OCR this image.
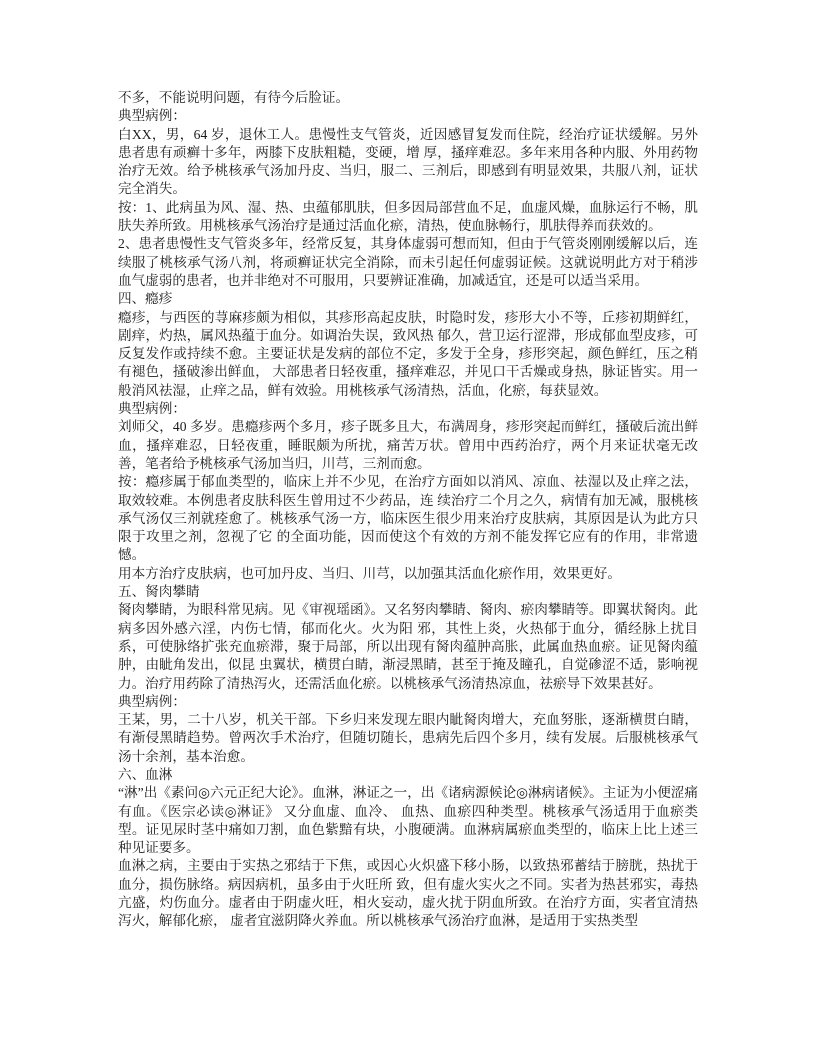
不多，不能说明问题，有待今后脸证。
典型病例：
白XX，男，64 岁，退休工人。患慢性支气管炎，近因感冒复发而住院，经治疗证状缓解。另外患者患有顽癣十多年，两膝下皮肤粗糙，变硬，增 厚，搔痒难忍。多年来用各种内服、外用药物治疗无效。给予桃核承气汤加丹皮、当归，服二、三剂后，即感到有明显效果，共服八剂，证状完全消失。
按：1、此病虽为风、湿、热、虫蕴郁肌肤，但多因局部营血不足，血虚风燥，血脉运行不畅，肌肤失养所致。用桃核承气汤治疗是通过活血化瘀，清热，使血脉畅行，肌肤得养而获效的。
2、患者患慢性支气管炎多年，经常反复，其身体虚弱可想而知，但由于气管炎刚刚缓解以后，连续服了桃核承气汤八剂，将顽癣证状完全消除，而未引起任何虚弱证候。这就说明此方对于稍涉血气虚弱的患者，也并非绝对不可服用，只要辨证准确，加减适宜，还是可以适当采用。
四、瘾疹
瘾疹，与西医的荨麻疹颇为相似，其疹形高起皮肤，时隐时发，疹形大小不等，丘疹初期鲜红，剧痒，灼热，属风热蕴于血分。如调治失误，致风热 郁久，营卫运行涩滞，形成郁血型皮疹，可反复发作或持续不愈。主要证状是发病的部位不定，多发于全身，疹形突起，颜色鲜红，压之稍有褪色，搔破渗出鲜血， 大部患者日轻夜重，搔痒难忍，并见口干舌燥或身热，脉证皆实。用一般消风祛湿，止痒之品，鲜有效验。用桃核承气汤清热，活血，化瘀，每获显效。
典型病例：
刘师父，40 多岁。患瘾疹两个多月，疹子既多且大，布满周身，疹形突起而鲜红，搔破后流出鲜血，搔痒难忍，日轻夜重，睡眠颇为所扰，痛苦万状。曾用中西药治疗，两个月来证状毫无改善，笔者给予桃核承气汤加当归，川芎，三剂而愈。
按：瘾疹属于郁血类型的，临床上并不少见，在治疗方面如以消风、凉血、祛湿以及止痒之法，取效较难。本例患者皮肤科医生曾用过不少药品，连 续治疗二个月之久，病情有加无减，服桃核承气汤仅三剂就痊愈了。桃核承气汤一方，临床医生很少用来治疗皮肤病，其原因是认为此方只限于攻里之剂，忽视了它 的全面功能，因而使这个有效的方剂不能发挥它应有的作用，非常遗憾。
用本方治疗皮肤病，也可加丹皮、当归、川芎，以加强其活血化瘀作用，效果更好。
五、胬肉攀睛
胬肉攀睛，为眼科常见病。见《审视瑶函》。又名努肉攀睛、胬肉、瘀肉攀睛等。即翼状胬肉。此病多因外感六淫，内伤七情，郁而化火。火为阳 邪，其性上炎，火热郁于血分，循经脉上扰目系，可使脉络扩张充血瘀滞，聚于局部，所以出现有胬肉蕴肿高胀，此属血热血瘀。证见胬肉蕴肿，由眦角发出，似昆 虫翼状，横贯白睛，渐浸黑睛，甚至于掩及瞳孔，自觉碜涩不适，影响视力。治疗用药除了清热泻火，还需活血化瘀。以桃核承气汤清热凉血，祛瘀导下效果甚好。
典型病例：
王某，男，二十八岁，机关干部。下乡归来发现左眼内眦胬肉增大，充血努胀，逐渐横贯白睛，有渐侵黑睛趋势。曾两次手术治疗，但随切随长，患病先后四个多月，续有发展。后服桃核承气汤十余剂，基本治愈。
六、血淋
“淋”出《素问◎六元正纪大论》。血淋，淋证之一，出《诸病源候论◎淋病诸候》。主证为小便涩痛有血。《医宗必读◎淋证》 又分血虚、血冷、 血热、血瘀四种类型。桃核承气汤适用于血瘀类型。证见尿时茎中痛如刀割，血色紫黯有块，小腹硬满。血淋病属瘀血类型的，临床上比上述三种见证要多。
血淋之病，主要由于实热之邪结于下焦，或因心火炽盛下移小肠，以致热邪蓄结于膀胱，热扰于血分，损伤脉络。病因病机，虽多由于火旺所 致，但有虚火实火之不同。实者为热甚邪实，毒热亢盛，灼伤血分。虚者由于阴虚火旺，相火妄动，虚火扰于阴血所致。在治疗方面，实者宜清热泻火，解郁化瘀， 虚者宜滋阴降火养血。所以桃核承气汤治疗血淋，是适用于实热类型
